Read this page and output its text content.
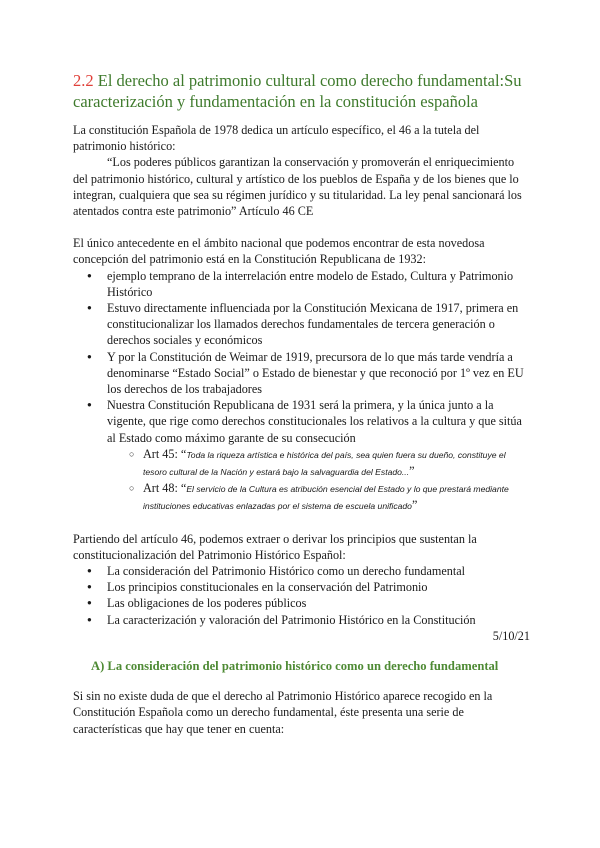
2.2 El derecho al patrimonio cultural como derecho fundamental:Su caracterización y fundamentación en la constitución española

La constitución Española de 1978 dedica un artículo específico, el 46 a la tutela del patrimonio histórico:

“Los poderes públicos garantizan la conservación y promoverán el enriquecimiento del patrimonio histórico, cultural y artístico de los pueblos de España y de los bienes que lo integran, cualquiera que sea su régimen jurídico y su titularidad. La ley penal sancionará los atentados contra este patrimonio” Artículo 46 CE

El único antecedente en el ámbito nacional que podemos encontrar de esta novedosa concepción del patrimonio está en la Constitución Republicana de 1932:

● ejemplo temprano de la interrelación entre modelo de Estado, Cultura y Patrimonio Histórico
● Estuvo directamente influenciada por la Constitución Mexicana de 1917, primera en constitucionalizar los llamados derechos fundamentales de tercera generación o derechos sociales y económicos
● Y por la Constitución de Weimar de 1919, precursora de lo que más tarde vendría a denominarse “Estado Social” o Estado de bienestar y que reconoció por 1º vez en EU los derechos de los trabajadores
● Nuestra Constitución Republicana de 1931 será la primera, y la única junto a la vigente, que rige como derechos constitucionales los relativos a la cultura y que sitúa al Estado como máximo garante de su consecución
○ Art 45: “Toda la riqueza artística e histórica del país, sea quien fuera su dueño, constituye el tesoro cultural de la Nación y estará bajo la salvaguardia del Estado...”
○ Art 48: “El servicio de la Cultura es atribución esencial del Estado y lo que prestará mediante instituciones educativas enlazadas por el sistema de escuela unificado”

Partiendo del artículo 46, podemos extraer o derivar los principios que sustentan la constitucionalización del Patrimonio Histórico Español:

● La consideración del Patrimonio Histórico como un derecho fundamental
● Los principios constitucionales en la conservación del Patrimonio
● Las obligaciones de los poderes públicos
● La caracterización y valoración del Patrimonio Histórico en la Constitución
5/10/21
A) La consideración del patrimonio histórico como un derecho fundamental

Si sin no existe duda de que el derecho al Patrimonio Histórico aparece recogido en la Constitución Española como un derecho fundamental, éste presenta una serie de características que hay que tener en cuenta:
